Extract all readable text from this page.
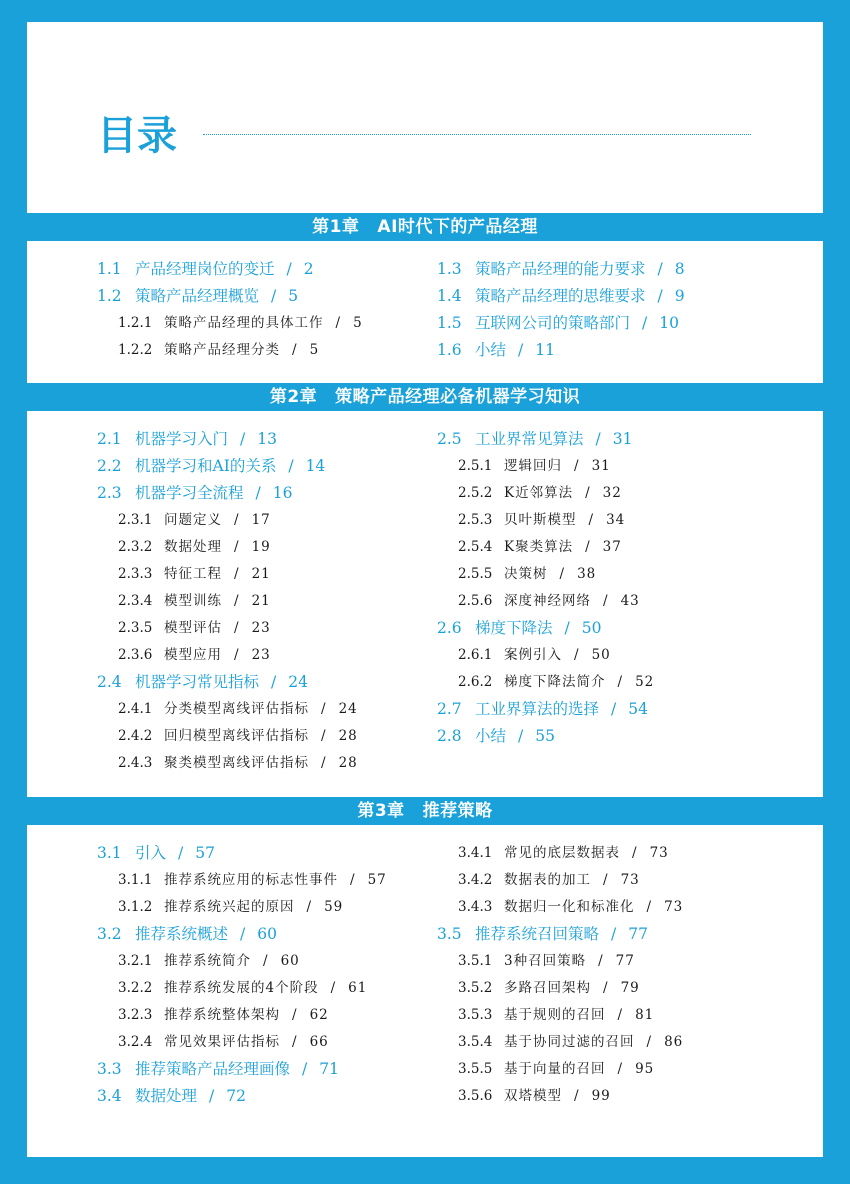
目录
第1章 AI时代下的产品经理
1.1 产品经理岗位的变迁 / 2
1.2 策略产品经理概览 / 5
1.2.1 策略产品经理的具体工作 / 5
1.2.2 策略产品经理分类 / 5
1.3 策略产品经理的能力要求 / 8
1.4 策略产品经理的思维要求 / 9
1.5 互联网公司的策略部门 / 10
1.6 小结 / 11
第2章 策略产品经理必备机器学习知识
2.1 机器学习入门 / 13
2.2 机器学习和AI的关系 / 14
2.3 机器学习全流程 / 16
2.3.1 问题定义 / 17
2.3.2 数据处理 / 19
2.3.3 特征工程 / 21
2.3.4 模型训练 / 21
2.3.5 模型评估 / 23
2.3.6 模型应用 / 23
2.4 机器学习常见指标 / 24
2.4.1 分类模型离线评估指标 / 24
2.4.2 回归模型离线评估指标 / 28
2.4.3 聚类模型离线评估指标 / 28
2.5 工业界常见算法 / 31
2.5.1 逻辑回归 / 31
2.5.2 K近邻算法 / 32
2.5.3 贝叶斯模型 / 34
2.5.4 K聚类算法 / 37
2.5.5 决策树 / 38
2.5.6 深度神经网络 / 43
2.6 梯度下降法 / 50
2.6.1 案例引入 / 50
2.6.2 梯度下降法简介 / 52
2.7 工业界算法的选择 / 54
2.8 小结 / 55
第3章 推荐策略
3.1 引入 / 57
3.1.1 推荐系统应用的标志性事件 / 57
3.1.2 推荐系统兴起的原因 / 59
3.2 推荐系统概述 / 60
3.2.1 推荐系统简介 / 60
3.2.2 推荐系统发展的4个阶段 / 61
3.2.3 推荐系统整体架构 / 62
3.2.4 常见效果评估指标 / 66
3.3 推荐策略产品经理画像 / 71
3.4 数据处理 / 72
3.4.1 常见的底层数据表 / 73
3.4.2 数据表的加工 / 73
3.4.3 数据归一化和标准化 / 73
3.5 推荐系统召回策略 / 77
3.5.1 3种召回策略 / 77
3.5.2 多路召回架构 / 79
3.5.3 基于规则的召回 / 81
3.5.4 基于协同过滤的召回 / 86
3.5.5 基于向量的召回 / 95
3.5.6 双塔模型 / 99
